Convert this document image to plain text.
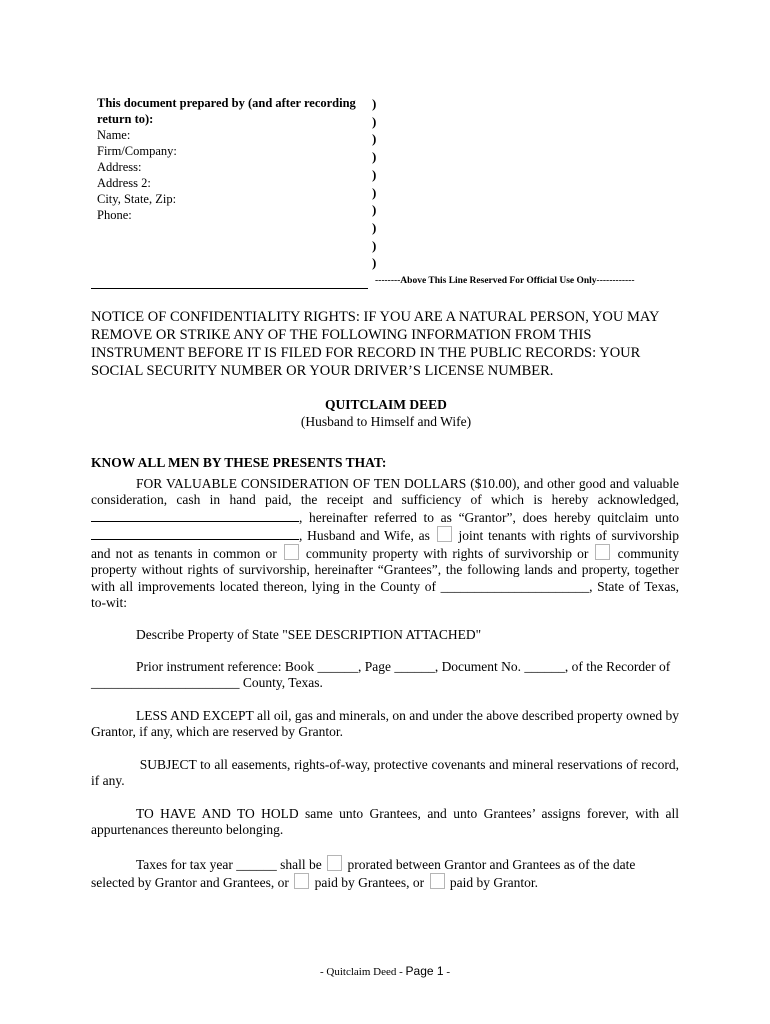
This document prepared by (and after recording
return to):
Name:
Firm/Company:
Address:
Address 2:
City, State, Zip:
Phone:
)
)
)
)
)
)
)
)
)
)
--------Above This Line Reserved For Official Use Only------------
NOTICE OF CONFIDENTIALITY RIGHTS: IF YOU ARE A NATURAL PERSON, YOU MAY REMOVE OR STRIKE ANY OF THE FOLLOWING INFORMATION FROM THIS INSTRUMENT BEFORE IT IS FILED FOR RECORD IN THE PUBLIC RECORDS: YOUR SOCIAL SECURITY NUMBER OR YOUR DRIVER’S LICENSE NUMBER.
QUITCLAIM DEED
(Husband to Himself and Wife)
KNOW ALL MEN BY THESE PRESENTS THAT:
FOR VALUABLE CONSIDERATION OF TEN DOLLARS ($10.00), and other good and valuable consideration, cash in hand paid, the receipt and sufficiency of which is hereby acknowledged, , hereinafter referred to as “Grantor”, does hereby quitclaim unto , Husband and Wife, as joint tenants with rights of survivorship and not as tenants in common or community property with rights of survivorship or community property without rights of survivorship, hereinafter “Grantees”, the following lands and property, together with all improvements located thereon, lying in the County of ______________________, State of Texas, to-wit:
Describe Property of State "SEE DESCRIPTION ATTACHED"
Prior instrument reference: Book ______, Page ______, Document No. ______, of the Recorder of
______________________ County, Texas.
LESS AND EXCEPT all oil, gas and minerals, on and under the above described property owned by Grantor, if any, which are reserved by Grantor.
SUBJECT to all easements, rights-of-way, protective covenants and mineral reservations of record, if any.
TO HAVE AND TO HOLD same unto Grantees, and unto Grantees’ assigns forever, with all appurtenances thereunto belonging.
Taxes for tax year ______ shall be prorated between Grantor and Grantees as of the date selected by Grantor and Grantees, or paid by Grantees, or paid by Grantor.
- Quitclaim Deed - Page 1 -
